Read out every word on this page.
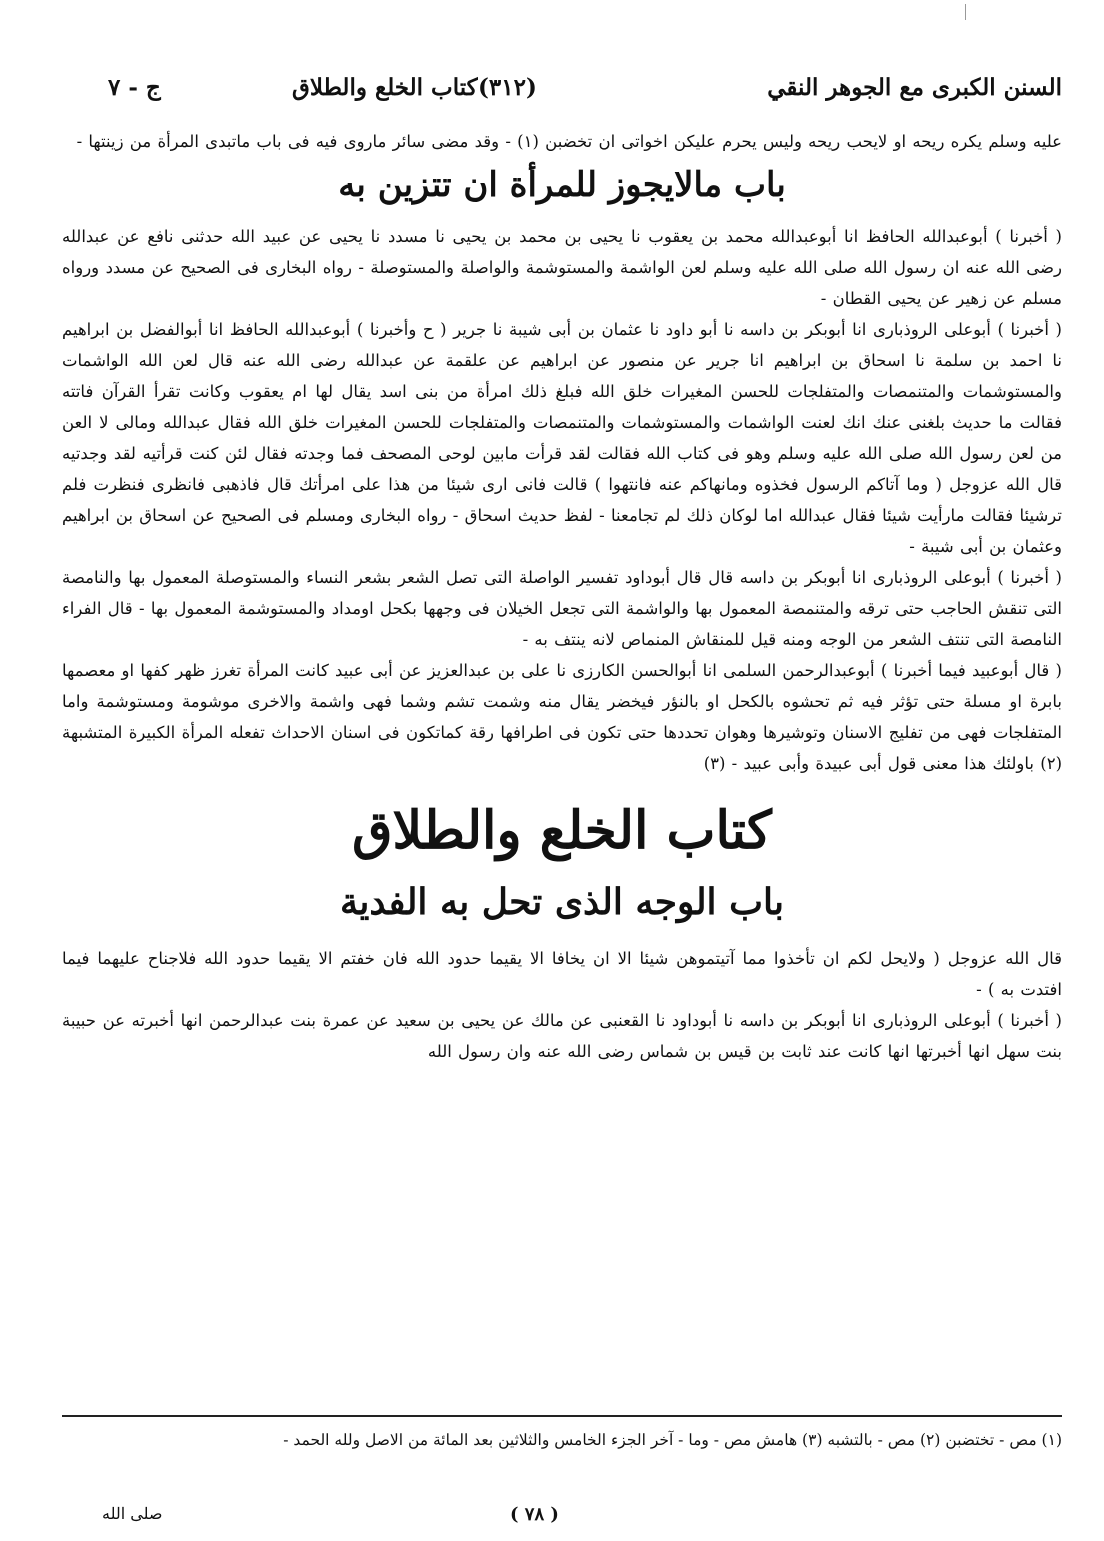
السنن الكبرى مع الجوهر النقي
(٣١٢)
كتاب الخلع والطلاق
ج - ٧

عليه وسلم يكره ريحه او لايحب ريحه وليس يحرم عليكن اخواتى ان تخضبن (١) - وقد مضى سائر ماروى فيه فى باب ماتبدى المرأة من زينتها -

باب مالايجوز للمرأة ان تتزين به

( أخبرنا ) أبوعبدالله الحافظ انا أبوعبدالله محمد بن يعقوب نا يحيى بن محمد بن يحيى نا مسدد نا يحيى عن عبيد الله حدثنى نافع عن عبدالله رضى الله عنه ان رسول الله صلى الله عليه وسلم لعن الواشمة والمستوشمة والواصلة والمستوصلة - رواه البخارى فى الصحيح عن مسدد ورواه مسلم عن زهير عن يحيى القطان -

( أخبرنا ) أبوعلى الروذبارى انا أبوبكر بن داسه نا أبو داود نا عثمان بن أبى شيبة نا جرير ( ح وأخبرنا ) أبوعبدالله الحافظ انا أبوالفضل بن ابراهيم نا احمد بن سلمة نا اسحاق بن ابراهيم انا جرير عن منصور عن ابراهيم عن علقمة عن عبدالله رضى الله عنه قال لعن الله الواشمات والمستوشمات والمتنمصات والمتفلجات للحسن المغيرات خلق الله فبلغ ذلك امرأة من بنى اسد يقال لها ام يعقوب وكانت تقرأ القرآن فاتته فقالت ما حديث بلغنى عنك انك لعنت الواشمات والمستوشمات والمتنمصات والمتفلجات للحسن المغيرات خلق الله فقال عبدالله ومالى لا العن من لعن رسول الله صلى الله عليه وسلم وهو فى كتاب الله فقالت لقد قرأت مابين لوحى المصحف فما وجدته فقال لئن كنت قرأتيه لقد وجدتيه قال الله عزوجل ( وما آتاكم الرسول فخذوه ومانهاكم عنه فانتهوا ) قالت فانى ارى شيئا من هذا على امرأتك قال فاذهبى فانظرى فنظرت فلم ترشيئا فقالت مارأيت شيئا فقال عبدالله اما لوكان ذلك لم تجامعنا - لفظ حديث اسحاق - رواه البخارى ومسلم فى الصحيح عن اسحاق بن ابراهيم وعثمان بن أبى شيبة -

( أخبرنا ) أبوعلى الروذبارى انا أبوبكر بن داسه قال قال أبوداود تفسير الواصلة التى تصل الشعر بشعر النساء والمستوصلة المعمول بها والنامصة التى تنقش الحاجب حتى ترقه والمتنمصة المعمول بها والواشمة التى تجعل الخيلان فى وجهها بكحل اومداد والمستوشمة المعمول بها - قال الفراء النامصة التى تنتف الشعر من الوجه ومنه قيل للمنقاش المنماص لانه ينتف به -

( قال أبوعبيد فيما أخبرنا ) أبوعبدالرحمن السلمى انا أبوالحسن الكارزى نا على بن عبدالعزيز عن أبى عبيد كانت المرأة تغرز ظهر كفها او معصمها بابرة او مسلة حتى تؤثر فيه ثم تحشوه بالكحل او بالنؤر فيخضر يقال منه وشمت تشم وشما فهى واشمة والاخرى موشومة ومستوشمة واما المتفلجات فهى من تفليج الاسنان وتوشيرها وهوان تحددها حتى تكون فى اطرافها رقة كماتكون فى اسنان الاحداث تفعله المرأة الكبيرة المتشبهة (٢) باولئك هذا معنى قول أبى عبيدة وأبى عبيد - (٣)

كتاب الخلع والطلاق
باب الوجه الذى تحل به الفدية

قال الله عزوجل ( ولايحل لكم ان تأخذوا مما آتيتموهن شيئا الا ان يخافا الا يقيما حدود الله فان خفتم الا يقيما حدود الله فلاجناح عليهما فيما افتدت به ) -

( أخبرنا ) أبوعلى الروذبارى انا أبوبكر بن داسه نا أبوداود نا القعنبى عن مالك عن يحيى بن سعيد عن عمرة بنت عبدالرحمن انها أخبرته عن حبيبة بنت سهل انها أخبرتها انها كانت عند ثابت بن قيس بن شماس رضى الله عنه وان رسول الله

(١) مص - تختضبن (٢) مص - بالتشبه (٣) هامش مص - وما - آخر الجزء الخامس والثلاثين بعد المائة من الاصل ولله الحمد -

صلى الله	( ٧٨ )
